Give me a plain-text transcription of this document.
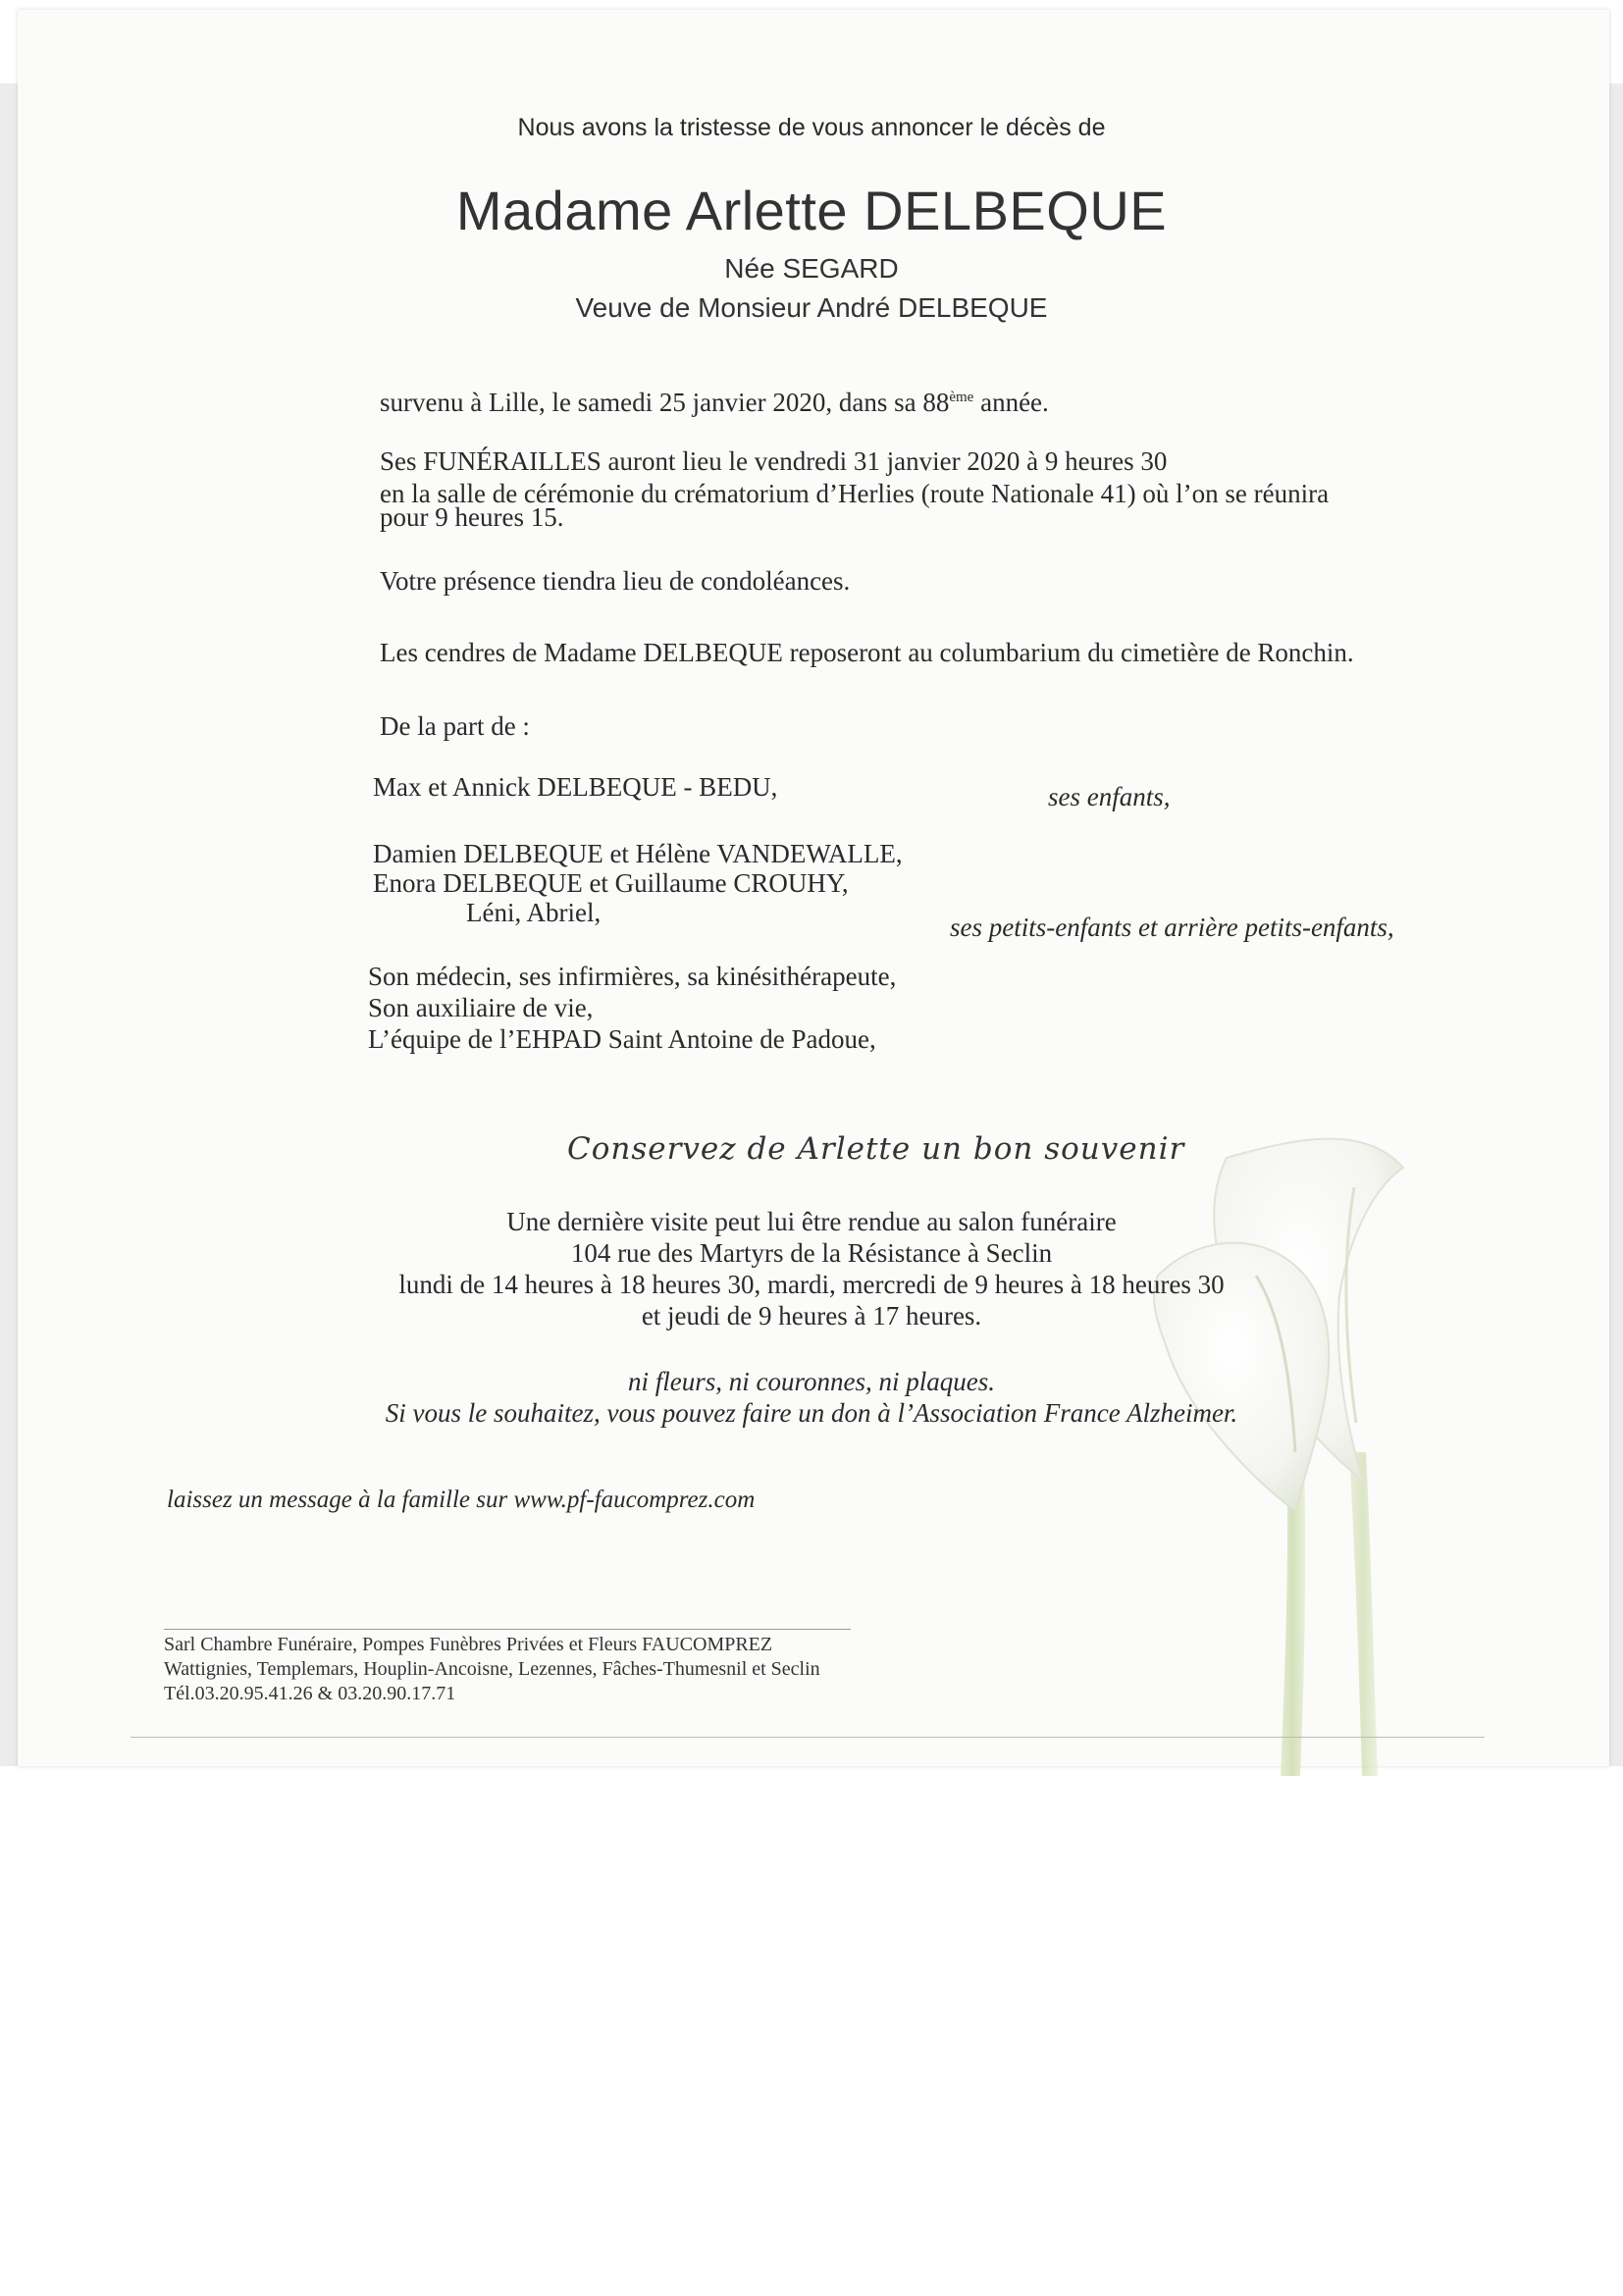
Nous avons la tristesse de vous annoncer le décès de
Madame Arlette DELBEQUE
Née SEGARD
Veuve de Monsieur André DELBEQUE
survenu à Lille, le samedi 25 janvier 2020, dans sa 88ème année.
Ses FUNÉRAILLES auront lieu le vendredi 31 janvier 2020 à 9 heures 30
en la salle de cérémonie du crématorium d’Herlies (route Nationale 41) où l’on se réunira
pour 9 heures 15.
Votre présence tiendra lieu de condoléances.
Les cendres de Madame DELBEQUE reposeront au columbarium du cimetière de Ronchin.
De la part de :
Max et Annick DELBEQUE - BEDU,	ses enfants,
Damien DELBEQUE et Hélène VANDEWALLE,
Enora DELBEQUE et Guillaume CROUHY,
Léni, Abriel,	ses petits-enfants et arrière petits-enfants,
Son médecin, ses infirmières, sa kinésithérapeute,
Son auxiliaire de vie,
L’équipe de l’EHPAD Saint Antoine de Padoue,
Conservez de Arlette un bon souvenir
Une dernière visite peut lui être rendue au salon funéraire
104 rue des Martyrs de la Résistance à Seclin
lundi de 14 heures à 18 heures 30, mardi, mercredi de 9 heures à 18 heures 30
et jeudi de 9 heures à 17 heures.
ni fleurs, ni couronnes, ni plaques.
Si vous le souhaitez, vous pouvez faire un don à l’Association France Alzheimer.
laissez un message à la famille sur www.pf-faucomprez.com
Sarl Chambre Funéraire, Pompes Funèbres Privées et Fleurs FAUCOMPREZ
Wattignies, Templemars, Houplin-Ancoisne, Lezennes, Fâches-Thumesnil et Seclin
Tél.03.20.95.41.26 & 03.20.90.17.71
